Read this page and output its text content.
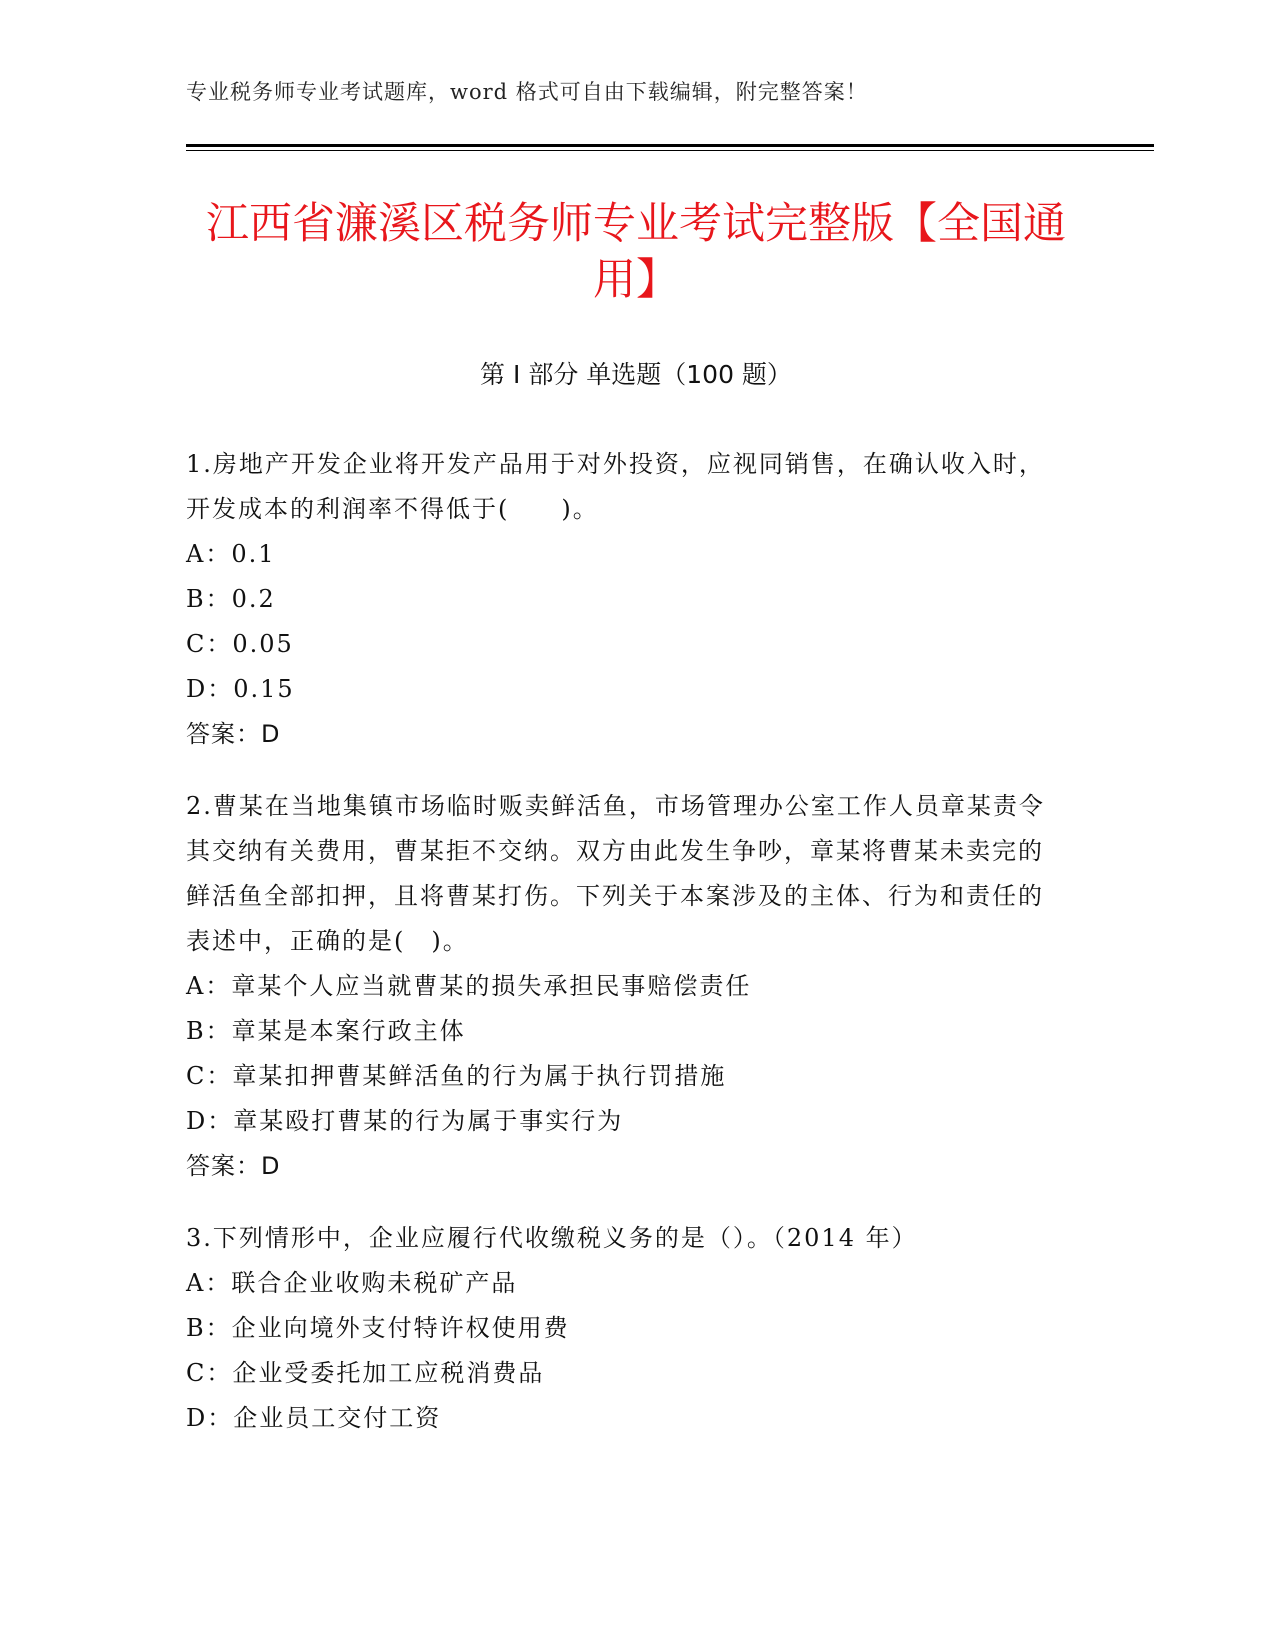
专业税务师专业考试题库，word 格式可自由下载编辑，附完整答案！
江西省濂溪区税务师专业考试完整版【全国通用】
第 I 部分 单选题（100 题）
1.房地产开发企业将开发产品用于对外投资，应视同销售，在确认收入时，开发成本的利润率不得低于(　　)。
A：0.1
B：0.2
C：0.05
D：0.15
答案：D
2.曹某在当地集镇市场临时贩卖鲜活鱼，市场管理办公室工作人员章某责令其交纳有关费用，曹某拒不交纳。双方由此发生争吵，章某将曹某未卖完的鲜活鱼全部扣押，且将曹某打伤。下列关于本案涉及的主体、行为和责任的表述中，正确的是(　)。
A：章某个人应当就曹某的损失承担民事赔偿责任
B：章某是本案行政主体
C：章某扣押曹某鲜活鱼的行为属于执行罚措施
D：章某殴打曹某的行为属于事实行为
答案：D
3.下列情形中，企业应履行代收缴税义务的是（）。（2014 年）
A：联合企业收购未税矿产品
B：企业向境外支付特许权使用费
C：企业受委托加工应税消费品
D：企业员工交付工资
